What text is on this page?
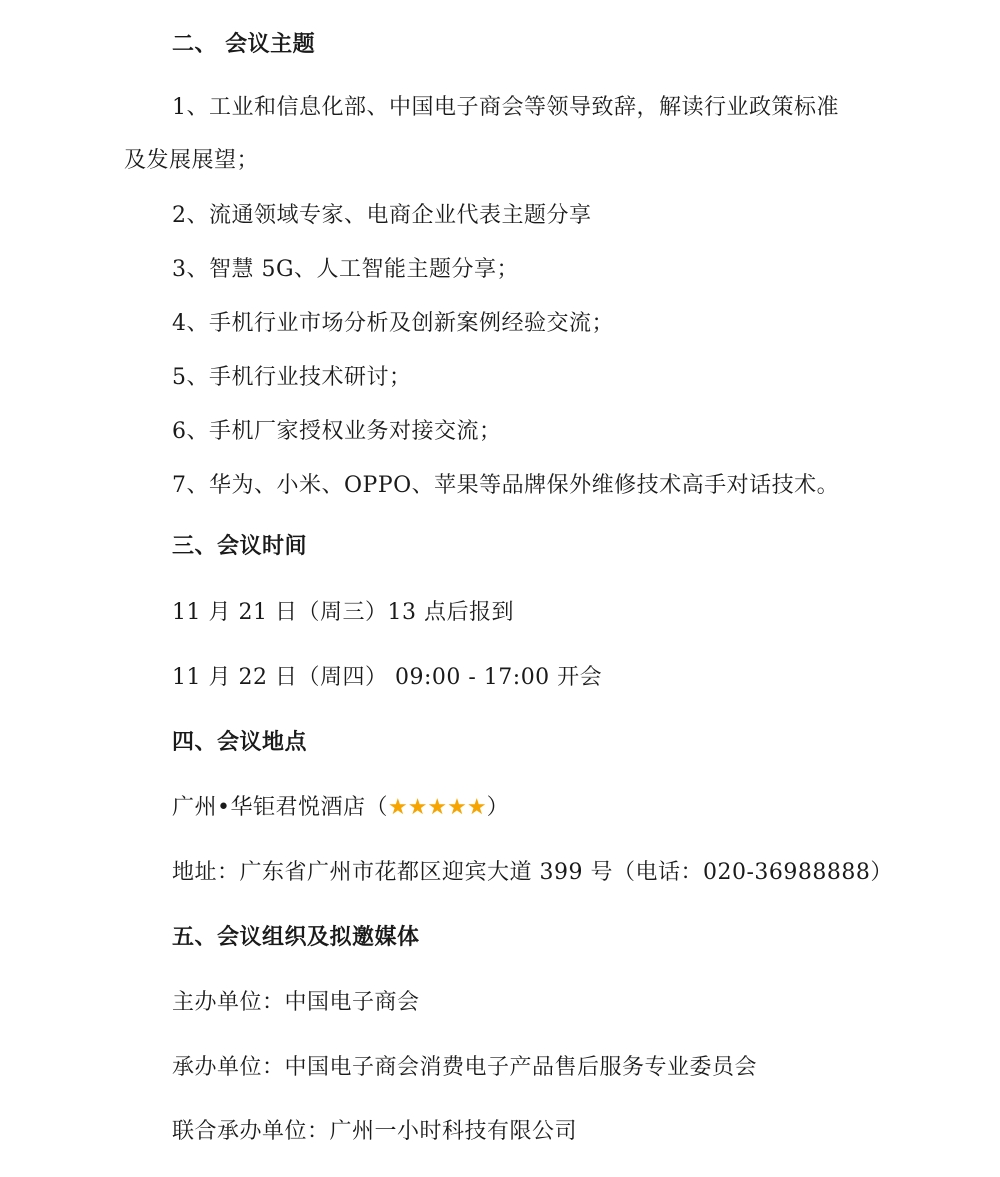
二、 会议主题
1、工业和信息化部、中国电子商会等领导致辞，解读行业政策标准
及发展展望；
2、流通领域专家、电商企业代表主题分享
3、智慧 5G、人工智能主题分享；
4、手机行业市场分析及创新案例经验交流；
5、手机行业技术研讨；
6、手机厂家授权业务对接交流；
7、华为、小米、OPPO、苹果等品牌保外维修技术高手对话技术。
三、会议时间
11 月 21 日（周三）13 点后报到
11 月 22 日（周四） 09:00 - 17:00 开会
四、会议地点
广州•华钜君悦酒店（★★★★★）
地址：广东省广州市花都区迎宾大道 399 号（电话：020-36988888）
五、会议组织及拟邀媒体
主办单位：中国电子商会
承办单位：中国电子商会消费电子产品售后服务专业委员会
联合承办单位：广州一小时科技有限公司
